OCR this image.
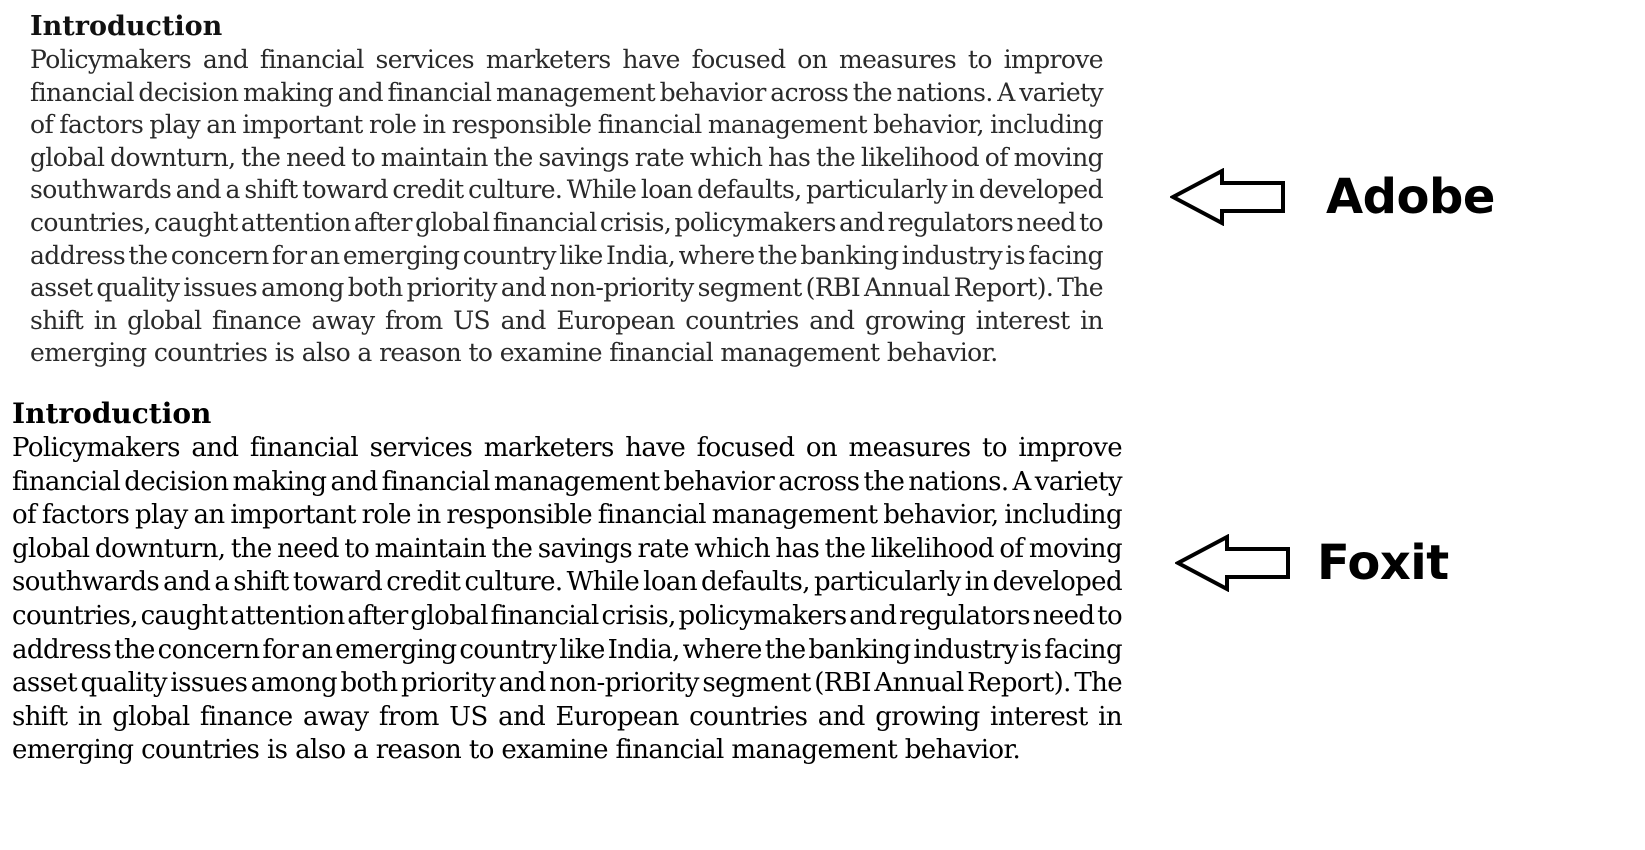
Introduction
Policymakers and financial services marketers have focused on measures to improve
financial decision making and financial management behavior across the nations. A variety
of factors play an important role in responsible financial management behavior, including
global downturn, the need to maintain the savings rate which has the likelihood of moving
southwards and a shift toward credit culture. While loan defaults, particularly in developed
countries, caught attention after global financial crisis, policymakers and regulators need to
address the concern for an emerging country like India, where the banking industry is facing
asset quality issues among both priority and non-priority segment (RBI Annual Report). The
shift in global finance away from US and European countries and growing interest in
emerging countries is also a reason to examine financial management behavior.
Adobe
Introduction
Policymakers and financial services marketers have focused on measures to improve
financial decision making and financial management behavior across the nations. A variety
of factors play an important role in responsible financial management behavior, including
global downturn, the need to maintain the savings rate which has the likelihood of moving
southwards and a shift toward credit culture. While loan defaults, particularly in developed
countries, caught attention after global financial crisis, policymakers and regulators need to
address the concern for an emerging country like India, where the banking industry is facing
asset quality issues among both priority and non-priority segment (RBI Annual Report). The
shift in global finance away from US and European countries and growing interest in
emerging countries is also a reason to examine financial management behavior.
Foxit
